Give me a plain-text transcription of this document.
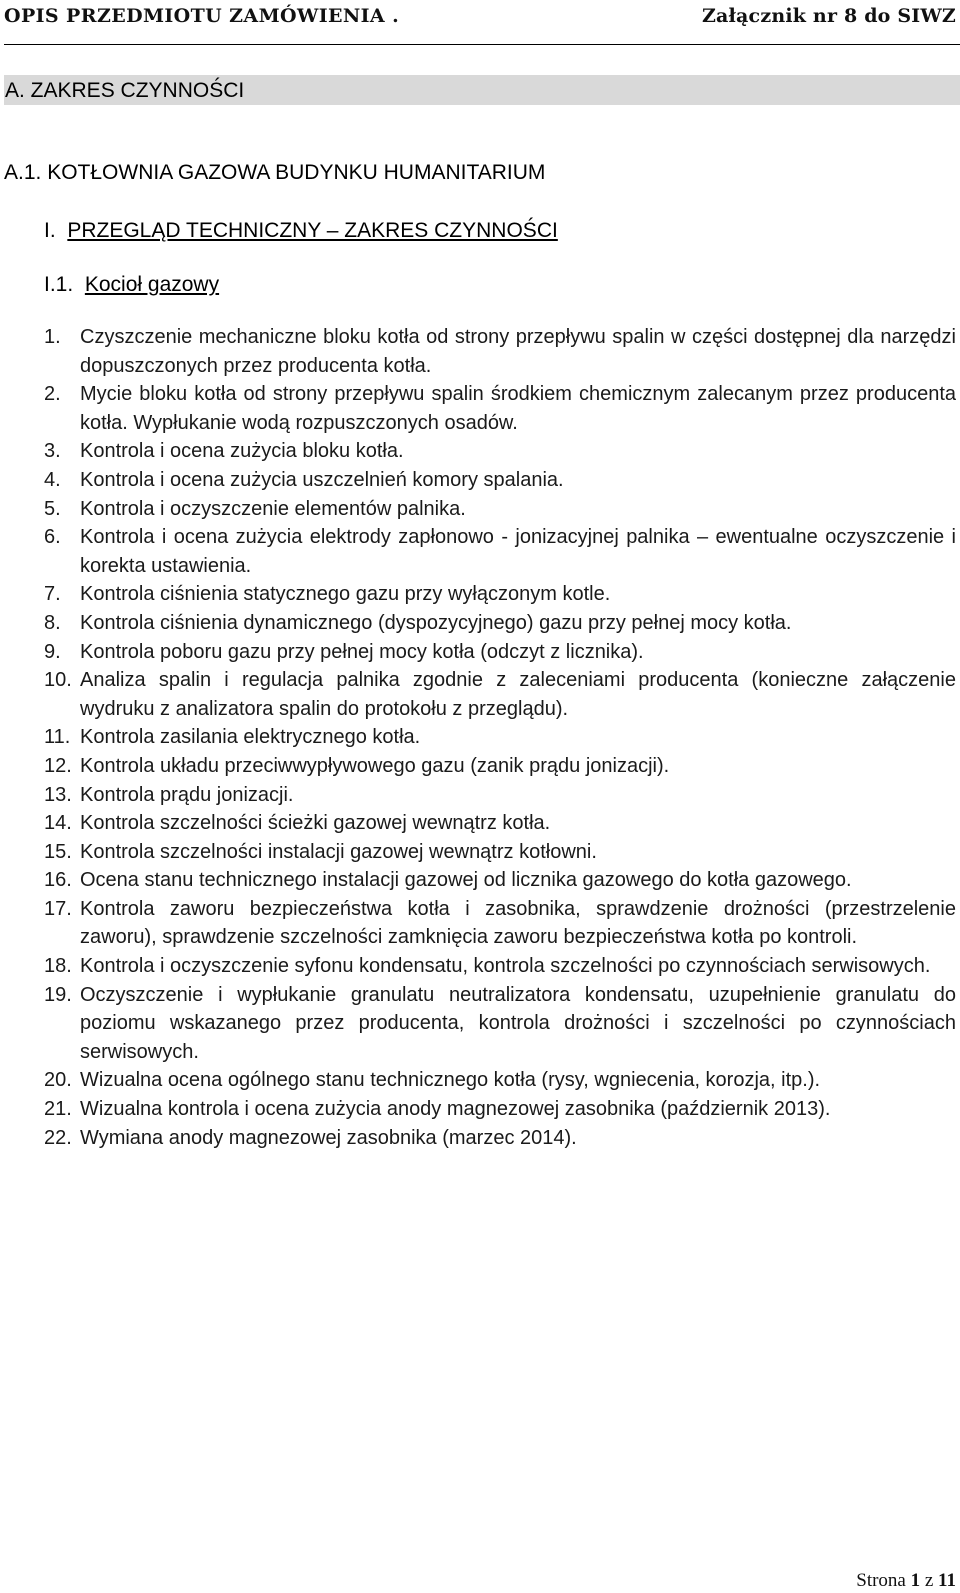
OPIS PRZEDMIOTU ZAMÓWIENIA .	Załącznik nr 8 do SIWZ
A. ZAKRES CZYNNOŚCI
A.1. KOTŁOWNIA GAZOWA BUDYNKU HUMANITARIUM
I. PRZEGLĄD TECHNICZNY – ZAKRES CZYNNOŚCI
I.1. Kocioł gazowy
1. Czyszczenie mechaniczne bloku kotła od strony przepływu spalin w części dostępnej dla narzędzi dopuszczonych przez producenta kotła.
2. Mycie bloku kotła od strony przepływu spalin środkiem chemicznym zalecanym przez producenta kotła. Wypłukanie wodą rozpuszczonych osadów.
3. Kontrola i ocena zużycia bloku kotła.
4. Kontrola i ocena zużycia uszczelnień komory spalania.
5. Kontrola i oczyszczenie elementów palnika.
6. Kontrola i ocena zużycia elektrody zapłonowo - jonizacyjnej palnika – ewentualne oczyszczenie i korekta ustawienia.
7. Kontrola ciśnienia statycznego gazu przy wyłączonym kotle.
8. Kontrola ciśnienia dynamicznego (dyspozycyjnego) gazu przy pełnej mocy kotła.
9. Kontrola poboru gazu przy pełnej mocy kotła (odczyt z licznika).
10. Analiza spalin i regulacja palnika zgodnie z zaleceniami producenta (konieczne załączenie wydruku z analizatora spalin do protokołu z przeglądu).
11. Kontrola zasilania elektrycznego kotła.
12. Kontrola układu przeciwwypływowego gazu (zanik prądu jonizacji).
13. Kontrola prądu jonizacji.
14. Kontrola szczelności ścieżki gazowej wewnątrz kotła.
15. Kontrola szczelności instalacji gazowej wewnątrz kotłowni.
16. Ocena stanu technicznego instalacji gazowej od licznika gazowego do kotła gazowego.
17. Kontrola zaworu bezpieczeństwa kotła i zasobnika, sprawdzenie drożności (przestrzelenie zaworu), sprawdzenie szczelności zamknięcia zaworu bezpieczeństwa kotła po kontroli.
18. Kontrola i oczyszczenie syfonu kondensatu, kontrola szczelności po czynnościach serwisowych.
19. Oczyszczenie i wypłukanie granulatu neutralizatora kondensatu, uzupełnienie granulatu do poziomu wskazanego przez producenta, kontrola drożności i szczelności po czynnościach serwisowych.
20. Wizualna ocena ogólnego stanu technicznego kotła (rysy, wgniecenia, korozja, itp.).
21. Wizualna kontrola i ocena zużycia anody magnezowej zasobnika (październik 2013).
22. Wymiana anody magnezowej zasobnika (marzec 2014).
Strona 1 z 11
